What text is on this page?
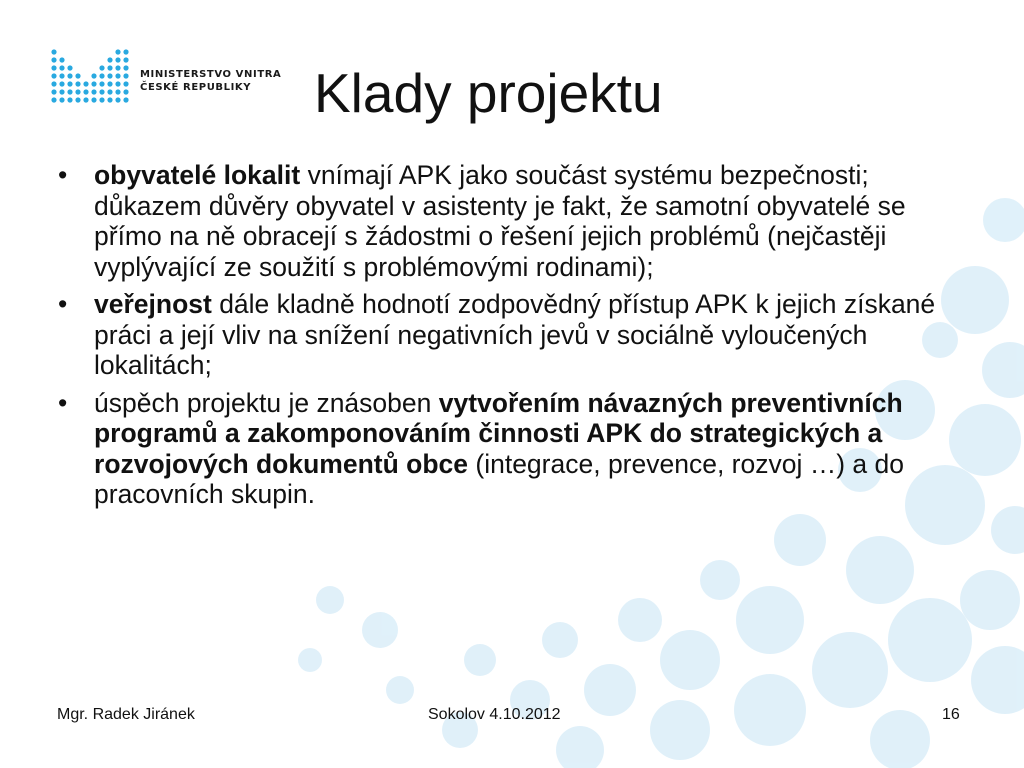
MINISTERSTVO VNITRA
ČESKÉ REPUBLIKY	Klady projektu
• obyvatelé lokalit vnímají APK jako součást systému bezpečnosti; důkazem důvěry obyvatel v asistenty je fakt, že samotní obyvatelé se přímo na ně obracejí s žádostmi o řešení jejich problémů (nejčastěji vyplývající ze soužití s problémovými rodinami);
• veřejnost dále kladně hodnotí zodpovědný přístup APK k jejich získané práci a její vliv na snížení negativních jevů v sociálně vyloučených lokalitách;
• úspěch projektu je znásoben vytvořením návazných preventivních programů a zakomponováním činnosti APK do strategických a rozvojových dokumentů obce (integrace, prevence, rozvoj …) a do pracovních skupin.
Mgr. Radek Jiránek	Sokolov 4.10.2012	16
